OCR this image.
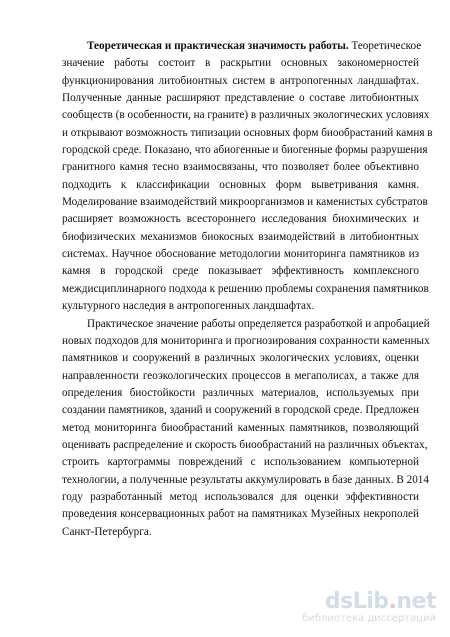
Теоретическая и практическая значимость работы. Теоретическое
значение работы состоит в раскрытии основных закономерностей
функционирования литобионтных систем в антропогенных ландшафтах.
Полученные данные расширяют представление о составе литобионтных
сообществ (в особенности, на граните) в различных экологических условиях
и открывают возможность типизации основных форм биообрастаний камня в
городской среде. Показано, что абиогенные и биогенные формы разрушения
гранитного камня тесно взаимосвязаны, что позволяет более объективно
подходить к классификации основных форм выветривания камня.
Моделирование взаимодействий микроорганизмов и каменистых субстратов
расширяет возможность всестороннего исследования биохимических и
биофизических механизмов биокосных взаимодействий в литобионтных
системах. Научное обоснование методологии мониторинга памятников из
камня в городской среде показывает эффективность комплексного
междисциплинарного подхода к решению проблемы сохранения памятников
культурного наследия в антропогенных ландшафтах.

Практическое значение работы определяется разработкой и апробацией
новых подходов для мониторинга и прогнозирования сохранности каменных
памятников и сооружений в различных экологических условиях, оценки
направленности геоэкологических процессов в мегаполисах, а также для
определения биостойкости различных материалов, используемых при
создании памятников, зданий и сооружений в городской среде. Предложен
метод мониторинга биообрастаний каменных памятников, позволяющий
оценивать распределение и скорость биообрастаний на различных объектах,
строить картограммы повреждений с использованием компьютерной
технологии, а полученные результаты аккумулировать в базе данных. В 2014
году разработанный метод использовался для оценки эффективности
проведения консервационных работ на памятниках Музейных некрополей
Санкт-Петербурга.

dsLib.net
библиотека диссертаций
